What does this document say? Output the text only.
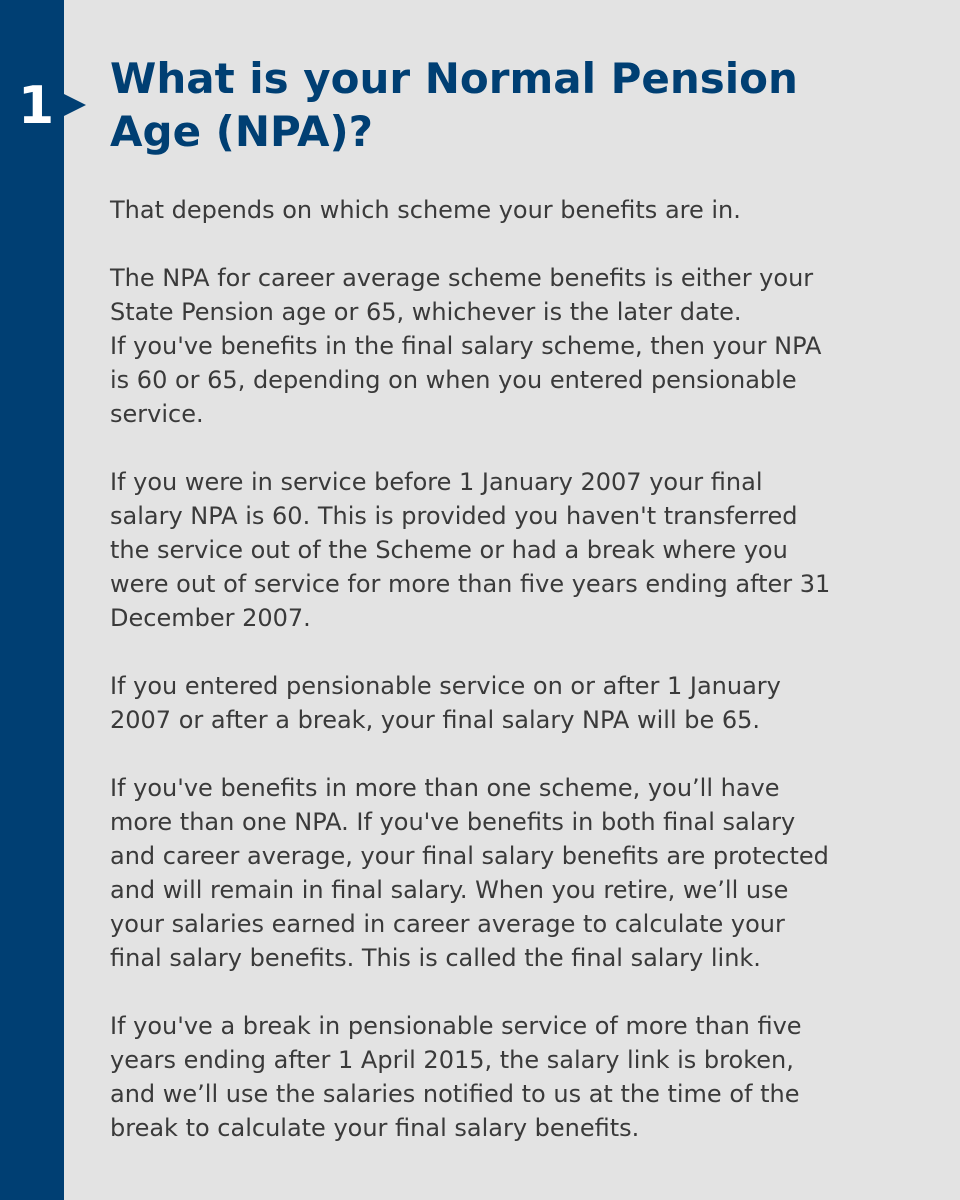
1 What is your Normal Pension
Age (NPA)?

That depends on which scheme your benefits are in.

The NPA for career average scheme benefits is either your
State Pension age or 65, whichever is the later date.

If you've benefits in the final salary scheme, then your NPA
is 60 or 65, depending on when you entered pensionable
service.

If you were in service before 1 January 2007 your final
salary NPA is 60. This is provided you haven't transferred
the service out of the Scheme or had a break where you
were out of service for more than five years ending after 31
December 2007.

If you entered pensionable service on or after 1 January
2007 or after a break, your final salary NPA will be 65.

If you've benefits in more than one scheme, you’ll have
more than one NPA. If you've benefits in both final salary
and career average, your final salary benefits are protected
and will remain in final salary. When you retire, we’ll use
your salaries earned in career average to calculate your
final salary benefits. This is called the final salary link.

If you've a break in pensionable service of more than five
years ending after 1 April 2015, the salary link is broken,
and we’ll use the salaries notified to us at the time of the
break to calculate your final salary benefits.
